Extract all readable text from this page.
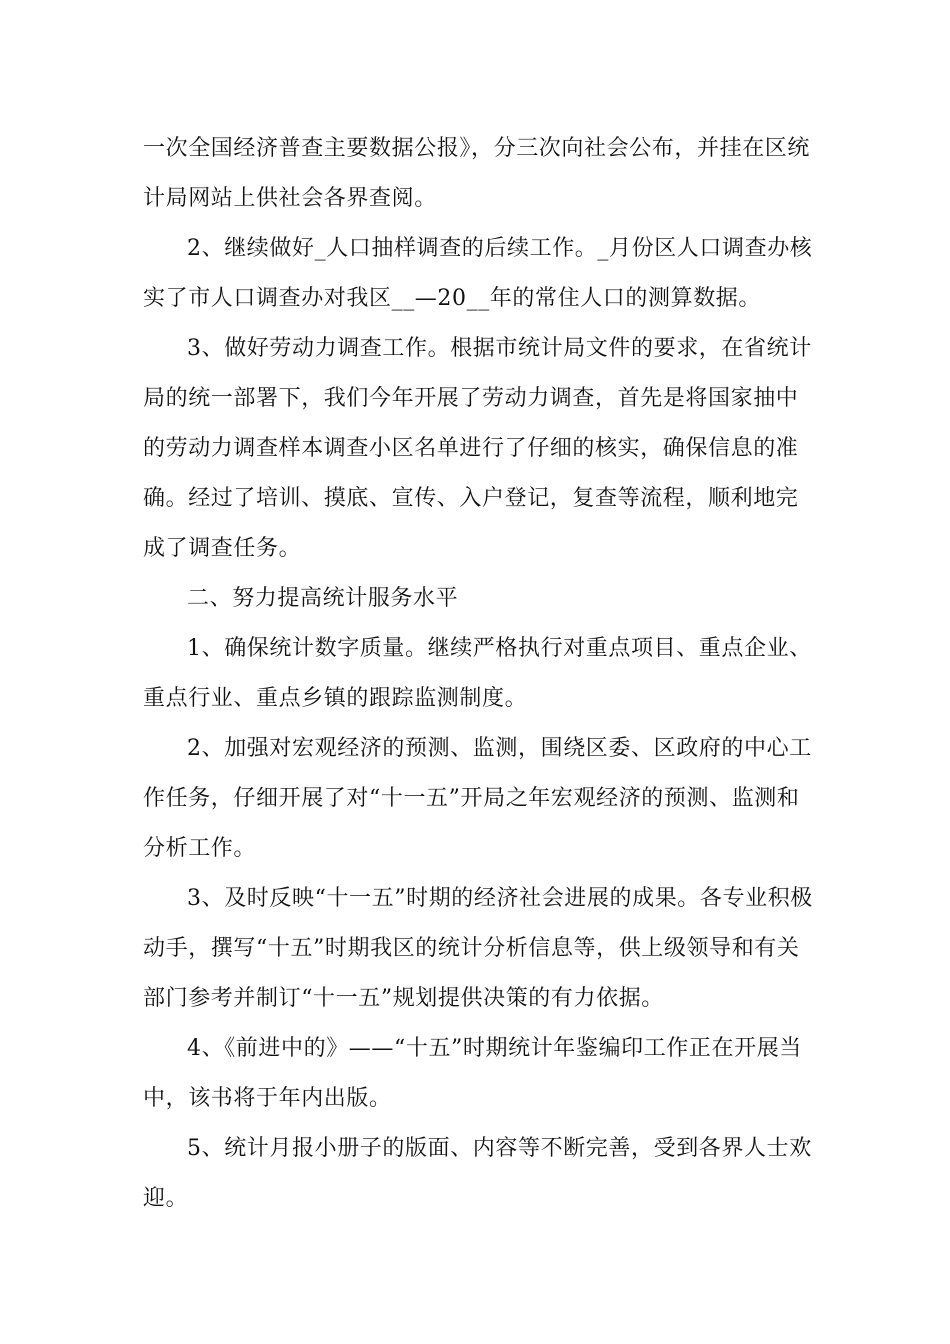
一次全国经济普查主要数据公报》，分三次向社会公布，并挂在区统计局网站上供社会各界查阅。

2、继续做好_人口抽样调查的后续工作。_月份区人口调查办核实了市人口调查办对我区__—20__年的常住人口的测算数据。

3、做好劳动力调查工作。根据市统计局文件的要求，在省统计局的统一部署下，我们今年开展了劳动力调查，首先是将国家抽中的劳动力调查样本调查小区名单进行了仔细的核实，确保信息的准确。经过了培训、摸底、宣传、入户登记，复查等流程，顺利地完成了调查任务。

二、努力提高统计服务水平

1、确保统计数字质量。继续严格执行对重点项目、重点企业、重点行业、重点乡镇的跟踪监测制度。

2、加强对宏观经济的预测、监测，围绕区委、区政府的中心工作任务，仔细开展了对“十一五”开局之年宏观经济的预测、监测和分析工作。

3、及时反映“十一五”时期的经济社会进展的成果。各专业积极动手，撰写“十五”时期我区的统计分析信息等，供上级领导和有关部门参考并制订“十一五”规划提供决策的有力依据。

4、《前进中的》——“十五”时期统计年鉴编印工作正在开展当中，该书将于年内出版。

5、统计月报小册子的版面、内容等不断完善，受到各界人士欢迎。
